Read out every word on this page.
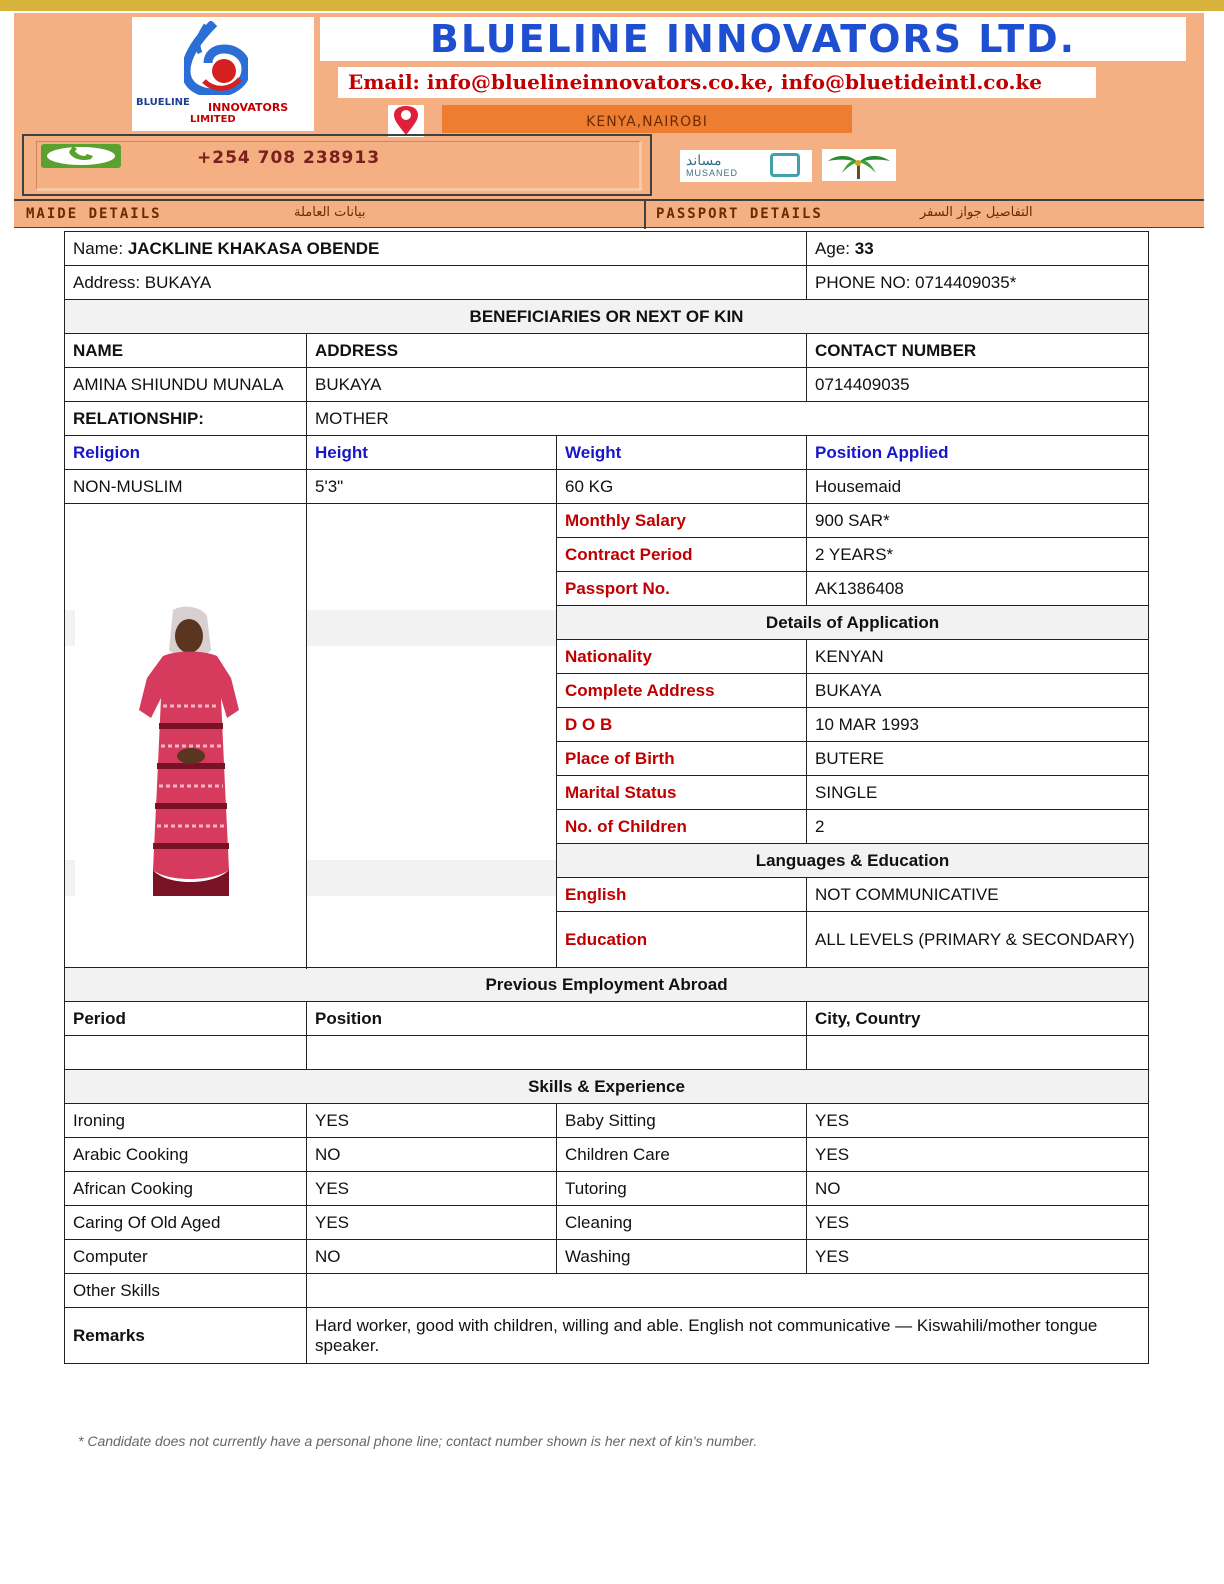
BLUELINE INNOVATORS
LIMITED
BLUELINE INNOVATORS LTD.
Email: info@bluelineinnovators.co.ke, info@bluetideintl.co.ke
KENYA,NAIROBI
+254 708 238913	مساند
MUSANED
MAIDE DETAILS	بيانات العاملة	PASSPORT DETAILS	التفاصيل جواز السفر
Name: JACKLINE KHAKASA OBENDE			Age: 33
Address: BUKAYA			PHONE NO: 0714409035*
BENEFICIARIES OR NEXT OF KIN			
NAME	ADDRESS		CONTACT NUMBER
AMINA SHIUNDU MUNALA	BUKAYA		0714409035
RELATIONSHIP:	MOTHER		
Religion	Height	Weight	Position Applied
NON-MUSLIM	5'3"	60 KG	Housemaid

	Monthly Salary	900 SAR*
		Contract Period	2 YEARS*
		Passport No.	AK1386408
		Details of Application	
		Nationality	KENYAN
		Complete Address	BUKAYA
		D O B	10 MAR 1993
		Place of Birth	BUTERE
		Marital Status	SINGLE
		No. of Children	2
		Languages & Education	
		English	NOT COMMUNICATIVE
		Education	ALL LEVELS (PRIMARY & SECONDARY)

Previous Employment Abroad			
Period	Position		City, Country

Skills & Experience			
Ironing	YES	Baby Sitting	YES
Arabic Cooking	NO	Children Care	YES
African Cooking	YES	Tutoring	NO
Caring Of Old Aged	YES	Cleaning	YES
Computer	NO	Washing	YES
Other Skills			
Remarks	Hard worker, good with children, willing and able. English not communicative — Kiswahili/mother tongue speaker.		
* Candidate does not currently have a personal phone line; contact number shown is her next of kin's number.
